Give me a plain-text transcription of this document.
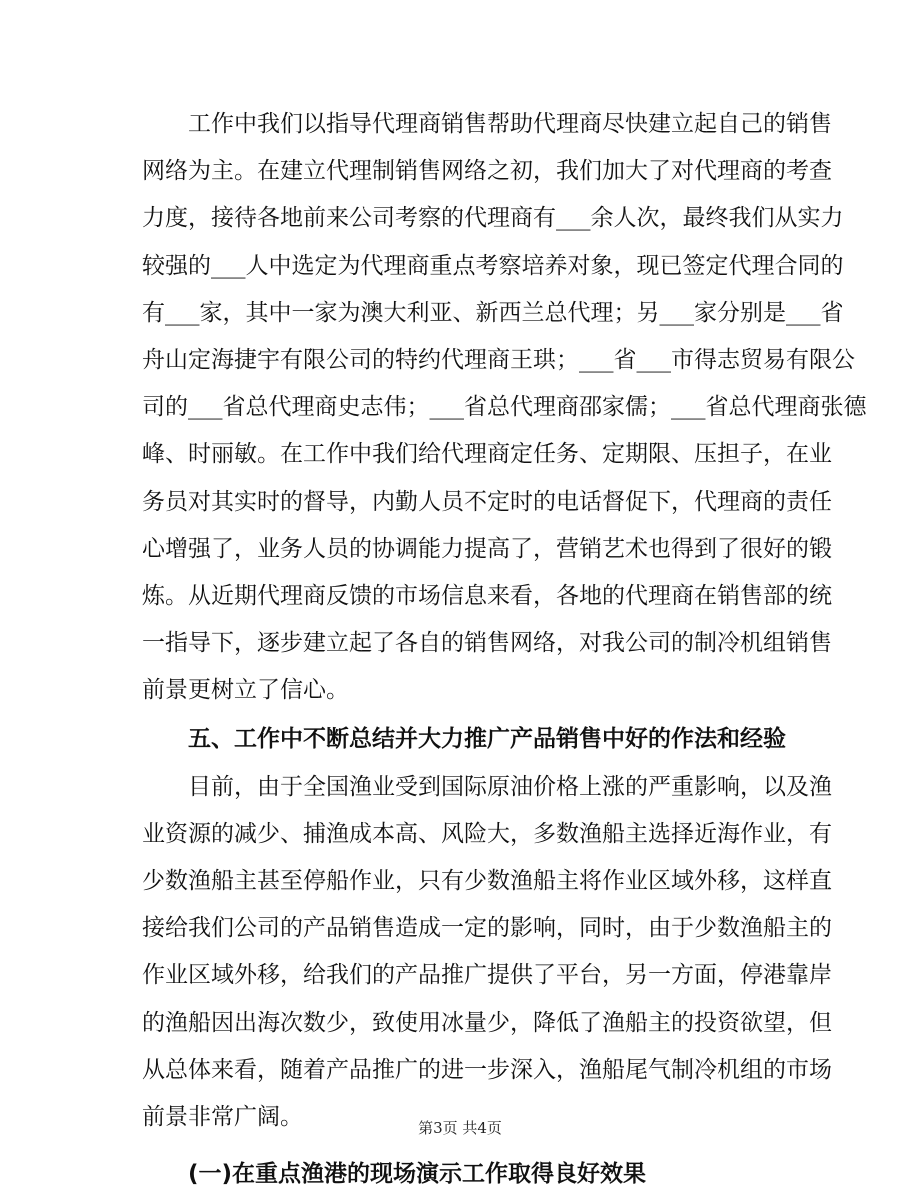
工作中我们以指导代理商销售帮助代理商尽快建立起自己的销售
网络为主。在建立代理制销售网络之初，我们加大了对代理商的考查
力度，接待各地前来公司考察的代理商有___余人次，最终我们从实力
较强的___人中选定为代理商重点考察培养对象，现已签定代理合同的
有___家，其中一家为澳大利亚、新西兰总代理；另___家分别是___省
舟山定海捷宇有限公司的特约代理商王珙；___省___市得志贸易有限公
司的___省总代理商史志伟；___省总代理商邵家儒；___省总代理商张德
峰、时丽敏。在工作中我们给代理商定任务、定期限、压担子，在业
务员对其实时的督导，内勤人员不定时的电话督促下，代理商的责任
心增强了，业务人员的协调能力提高了，营销艺术也得到了很好的锻
炼。从近期代理商反馈的市场信息来看，各地的代理商在销售部的统
一指导下，逐步建立起了各自的销售网络，对我公司的制冷机组销售
前景更树立了信心。
五、工作中不断总结并大力推广产品销售中好的作法和经验
目前，由于全国渔业受到国际原油价格上涨的严重影响，以及渔
业资源的减少、捕渔成本高、风险大，多数渔船主选择近海作业，有
少数渔船主甚至停船作业，只有少数渔船主将作业区域外移，这样直
接给我们公司的产品销售造成一定的影响，同时，由于少数渔船主的
作业区域外移，给我们的产品推广提供了平台，另一方面，停港靠岸
的渔船因出海次数少，致使用冰量少，降低了渔船主的投资欲望，但
从总体来看，随着产品推广的进一步深入，渔船尾气制冷机组的市场
前景非常广阔。
(一)在重点渔港的现场演示工作取得良好效果
第3页 共4页
